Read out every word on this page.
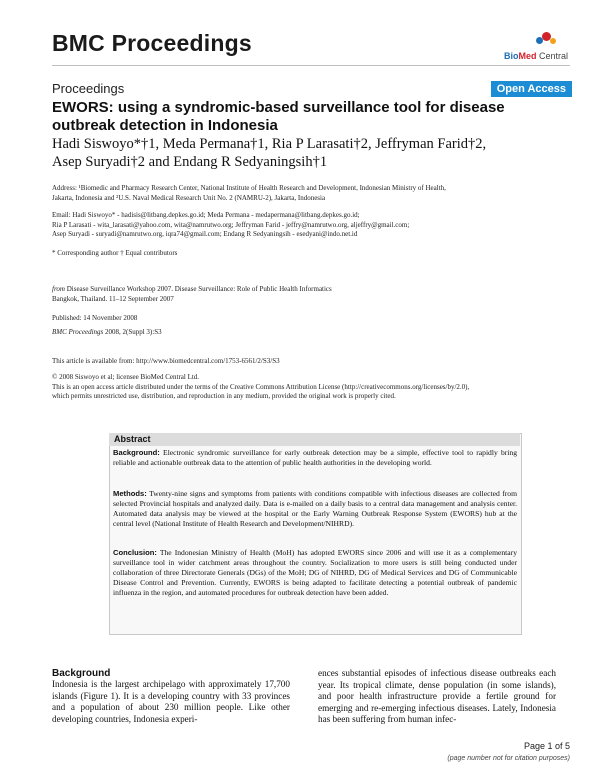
BMC Proceedings	BioMed Central
Proceedings	Open Access
EWORS: using a syndromic-based surveillance tool for disease outbreak detection in Indonesia
Hadi Siswoyo*†1, Meda Permana†1, Ria P Larasati†2, Jeffryman Farid†2,
Asep Suryadi†2 and Endang R Sedyaningsih†1
Address: ¹Biomedic and Pharmacy Research Center, National Institute of Health Research and Development, Indonesian Ministry of Health,
Jakarta, Indonesia and ²U.S. Naval Medical Research Unit No. 2 (NAMRU-2), Jakarta, Indonesia
Email: Hadi Siswoyo* - hadisis@litbang.depkes.go.id; Meda Permana - medapermana@litbang.depkes.go.id;
Ria P Larasati - wita_larasati@yahoo.com, wita@namrutwo.org; Jeffryman Farid - jeffry@namrutwo.org, aljeffry@gmail.com;
Asep Suryadi - suryadi@namrutwo.org, iqra74@gmail.com; Endang R Sedyaningsih - esedyani@indo.net.id
* Corresponding author † Equal contributors
from Disease Surveillance Workshop 2007. Disease Surveillance: Role of Public Health Informatics
Bangkok, Thailand. 11–12 September 2007
Published: 14 November 2008
BMC Proceedings 2008, 2(Suppl 3):S3
This article is available from: http://www.biomedcentral.com/1753-6561/2/S3/S3
© 2008 Siswoyo et al; licensee BioMed Central Ltd.
This is an open access article distributed under the terms of the Creative Commons Attribution License (http://creativecommons.org/licenses/by/2.0),
which permits unrestricted use, distribution, and reproduction in any medium, provided the original work is properly cited.
Abstract
Background: Electronic syndromic surveillance for early outbreak detection may be a simple, effective tool to rapidly bring reliable and actionable outbreak data to the attention of public health authorities in the developing world.
Methods: Twenty-nine signs and symptoms from patients with conditions compatible with infectious diseases are collected from selected Provincial hospitals and analyzed daily. Data is e-mailed on a daily basis to a central data management and analysis center. Automated data analysis may be viewed at the hospital or the Early Warning Outbreak Response System (EWORS) hub at the central level (National Institute of Health Research and Development/NIHRD).
Conclusion: The Indonesian Ministry of Health (MoH) has adopted EWORS since 2006 and will use it as a complementary surveillance tool in wider catchment areas throughout the country. Socialization to more users is still being conducted under collaboration of three Directorate Generals (DGs) of the MoH; DG of NIHRD, DG of Medical Services and DG of Communicable Disease Control and Prevention. Currently, EWORS is being adapted to facilitate detecting a potential outbreak of pandemic influenza in the region, and automated procedures for outbreak detection have been added.
Background
Indonesia is the largest archipelago with approximately 17,700 islands (Figure 1). It is a developing country with 33 provinces and a population of about 230 million people. Like other developing countries, Indonesia experi-
ences substantial episodes of infectious disease outbreaks each year. Its tropical climate, dense population (in some islands), and poor health infrastructure provide a fertile ground for emerging and re-emerging infectious diseases. Lately, Indonesia has been suffering from human infec-
Page 1 of 5
(page number not for citation purposes)
